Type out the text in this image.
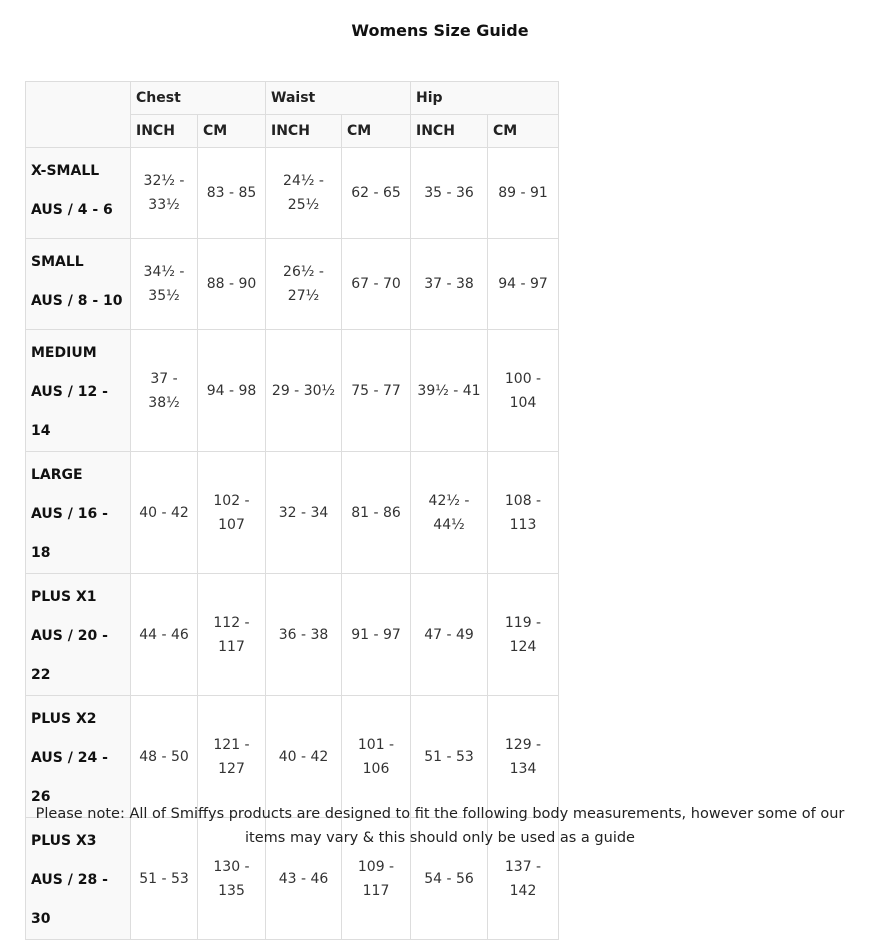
Womens Size Guide
	Chest		Waist		Hip	
	INCH	CM	INCH	CM	INCH	CM

X-SMALL
AUS / 4 - 6	32½ - 33½	83 - 85	24½ - 25½	62 - 65	35 - 36	89 - 91

SMALL
AUS / 8 - 10	34½ - 35½	88 - 90	26½ - 27½	67 - 70	37 - 38	94 - 97

MEDIUM
AUS / 12 - 14	37 - 38½	94 - 98	29 - 30½	75 - 77	39½ - 41	100 - 104

LARGE
AUS / 16 - 18	40 - 42	102 - 107	32 - 34	81 - 86	42½ - 44½	108 - 113

PLUS X1
AUS / 20 - 22	44 - 46	112 - 117	36 - 38	91 - 97	47 - 49	119 - 124

PLUS X2
AUS / 24 - 26	48 - 50	121 - 127	40 - 42	101 - 106	51 - 53	129 - 134

PLUS X3
AUS / 28 - 30	51 - 53	130 - 135	43 - 46	109 - 117	54 - 56	137 - 142
Please note: All of Smiffys products are designed to fit the following body measurements, however some of our items may vary & this should only be used as a guide
